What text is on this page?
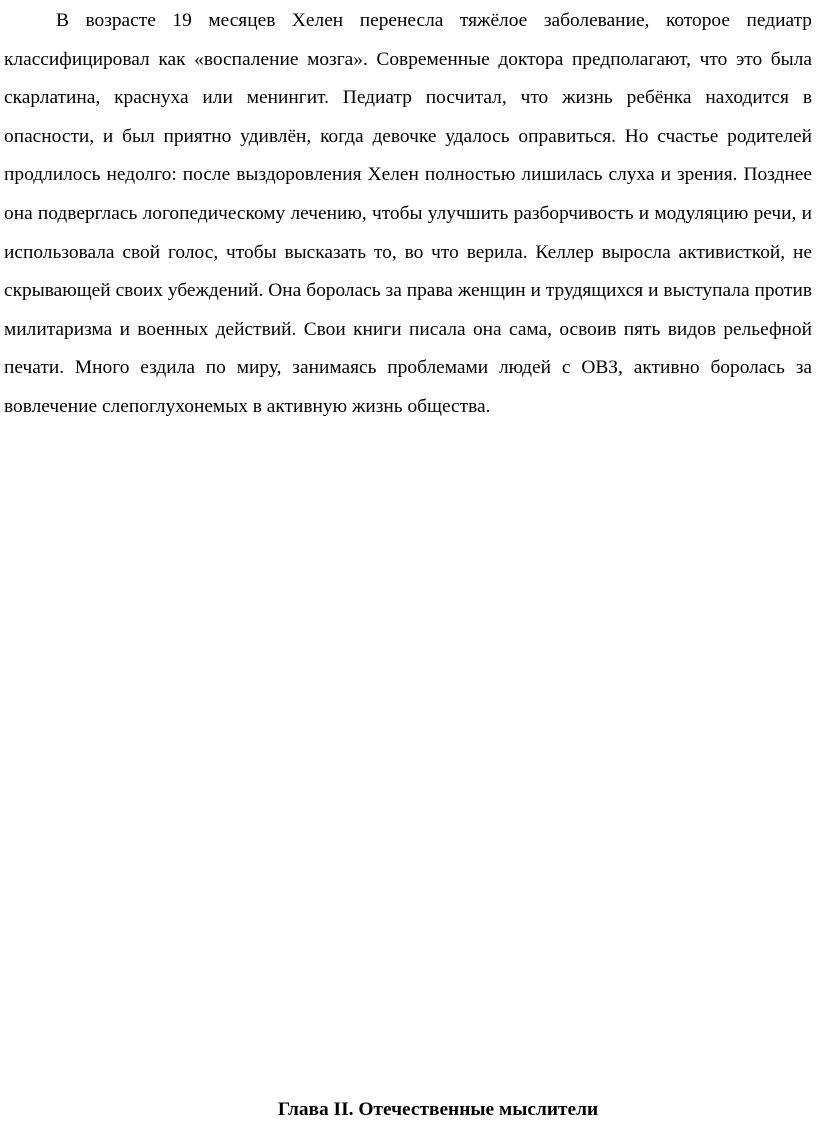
В возрасте 19 месяцев Хелен перенесла тяжёлое заболевание, которое педиатр классифицировал как «воспаление мозга». Современные доктора предполагают, что это была скарлатина, краснуха или менингит. Педиатр посчитал, что жизнь ребёнка находится в опасности, и был приятно удивлён, когда девочке удалось оправиться. Но счастье родителей продлилось недолго: после выздоровления Хелен полностью лишилась слуха и зрения. Позднее она подверглась логопедическому лечению, чтобы улучшить разборчивость и модуляцию речи, и использовала свой голос, чтобы высказать то, во что верила. Келлер выросла активисткой, не скрывающей своих убеждений. Она боролась за права женщин и трудящихся и выступала против милитаризма и военных действий. Свои книги писала она сама, освоив пять видов рельефной печати. Много ездила по миру, занимаясь проблемами людей с ОВЗ, активно боролась за вовлечение слепоглухонемых в активную жизнь общества.

Глава II. Отечественные мыслители
